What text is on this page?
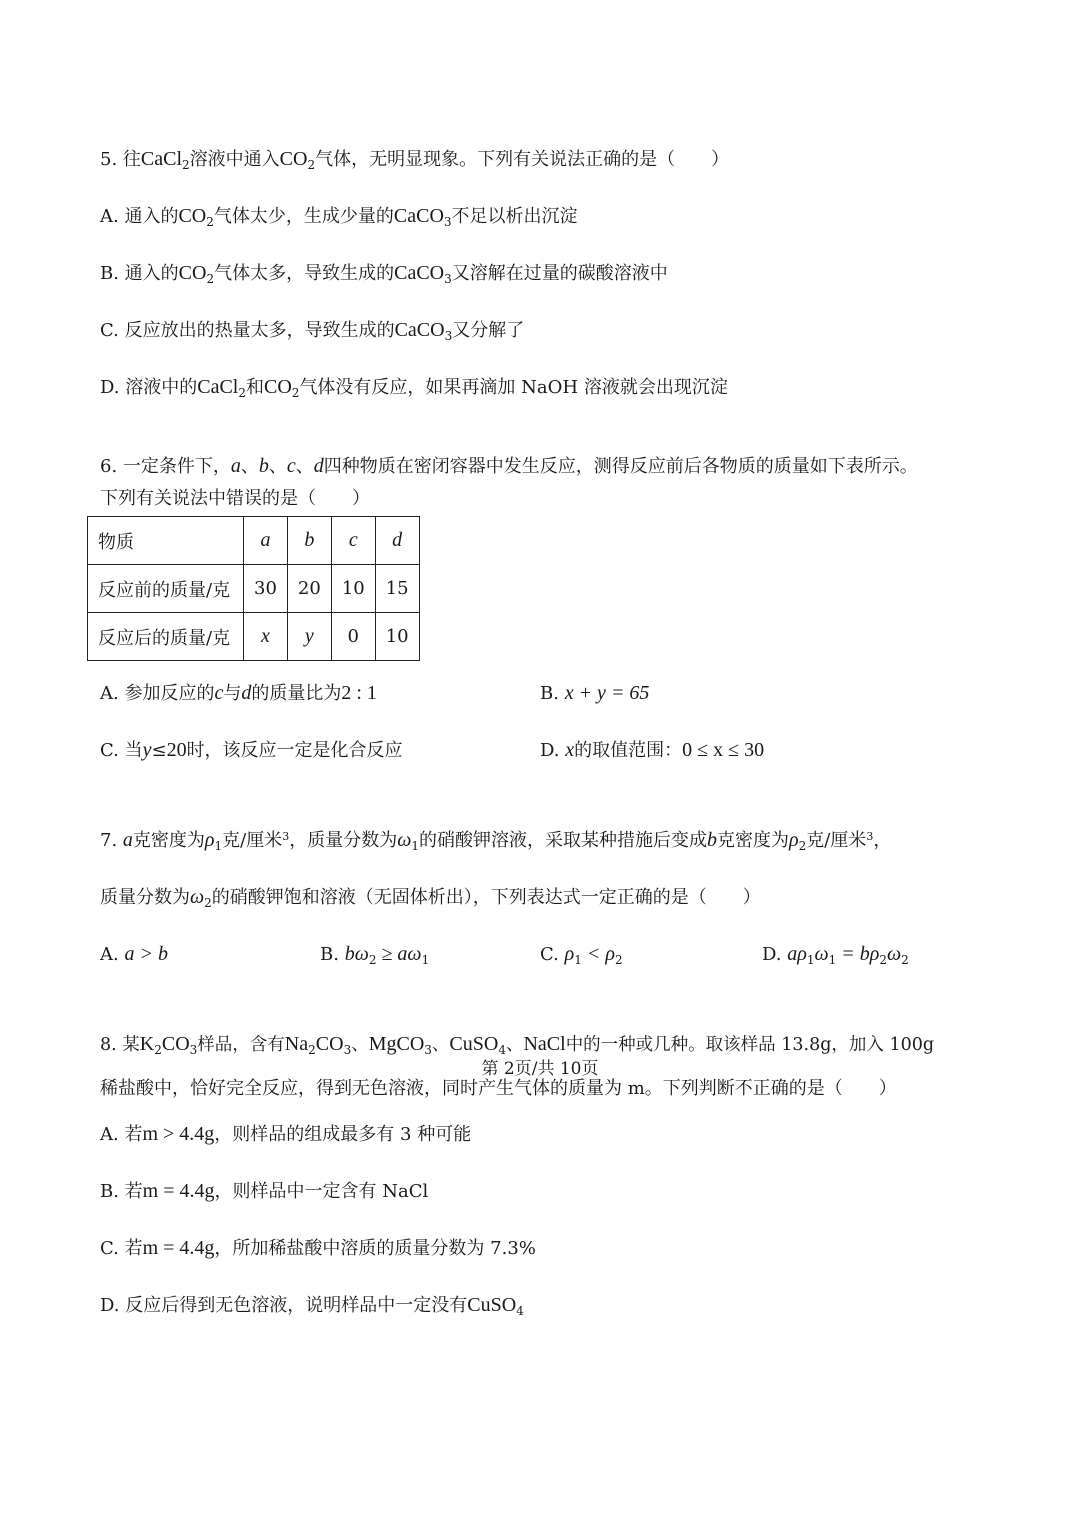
5. 往CaCl$_2$溶液中通入$CO_2$气体，无明显现象。下列有关说法正确的是（　　）
A. 通入的$CO_2$气体太少，生成少量的CaCO$_3$不足以析出沉淀
B. 通入的$CO_2$气体太多，导致生成的CaCO$_3$又溶解在过量的碳酸溶液中
C. 反应放出的热量太多，导致生成的CaCO$_3$又分解了
D. 溶液中的CaCl$_2$和$CO_2$气体没有反应，如果再滴加 NaOH 溶液就会出现沉淀
6. 一定条件下，a、b、c、d四种物质在密闭容器中发生反应，测得反应前后各物质的质量如下表所示。
下列有关说法中错误的是（　　）
物质	a	b	c	d
反应前的质量/克	30	20	10	15
反应后的质量/克	x	y	0	10
A. 参加反应的c与d的质量比为2 : 1	B. x + y = 65
C. 当y≤20时，该反应一定是化合反应	D. x的取值范围：0 ≤ x ≤ 30
7. a克密度为$\rho_1$克/厘米$^3$，质量分数为$\omega_1$的硝酸钾溶液，采取某种措施后变成b克密度为$\rho_2$克/厘米$^3$，
质量分数为$\omega_2$的硝酸钾饱和溶液（无固体析出），下列表达式一定正确的是（　　）
A. a > b	B. $b\omega_2 \ge a\omega_1$	C. $\rho_1 < \rho_2$	D. $a\rho_1\omega_1 = b\rho_2\omega_2$
8. 某$K_2CO_3$样品，含有$Na_2CO_3$、MgCO$_3$、CuSO$_4$、NaCl中的一种或几种。取该样品 13.8g，加入 100g
稀盐酸中，恰好完全反应，得到无色溶液，同时产生气体的质量为 m。下列判断不正确的是（　　）
A. 若m > 4.4g，则样品的组成最多有 3 种可能
B. 若m = 4.4g，则样品中一定含有 NaCl
C. 若m = 4.4g，所加稀盐酸中溶质的质量分数为 7.3%
D. 反应后得到无色溶液，说明样品中一定没有CuSO$_4$
第 2页/共 10页
